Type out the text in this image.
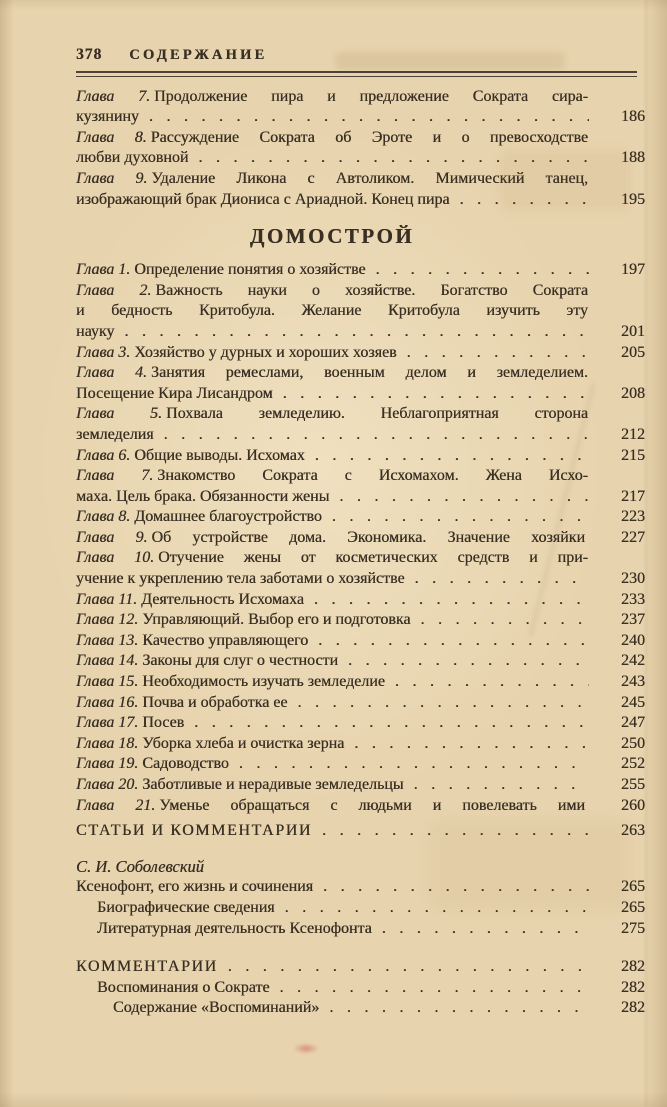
378 СОДЕРЖАНИЕ
Глава 7. Продолжение пира и предложение Сократа сира-
кузянину . . .	186
Глава 8. Рассуждение Сократа об Эроте и о превосходстве
любви духовной . . .	188
Глава 9. Удаление Ликона с Автоликом. Мимический танец,
изображающий брак Диониса с Ариадной. Конец пира . . .	195
ДОМОСТРОЙ
Глава 1. Определение понятия о хозяйстве . . .	197
Глава 2. Важность науки о хозяйстве. Богатство Сократа
и бедность Критобула. Желание Критобула изучить эту
науку . . .	201
Глава 3. Хозяйство у дурных и хороших хозяев . . .	205
Глава 4. Занятия ремеслами, военным делом и земледелием.
Посещение Кира Лисандром . . .	208
Глава 5. Похвала земледелию. Неблагоприятная сторона
земледелия . . .	212
Глава 6. Общие выводы. Исхомах . . .	215
Глава 7. Знакомство Сократа с Исхомахом. Жена Исхо-
маха. Цель брака. Обязанности жены . . .	217
Глава 8. Домашнее благоустройство . . .	223
Глава 9. Об устройстве дома. Экономика. Значение хозяйки	227
Глава 10. Отучение жены от косметических средств и при-
учение к укреплению тела заботами о хозяйстве . . .	230
Глава 11. Деятельность Исхомаха . . .	233
Глава 12. Управляющий. Выбор его и подготовка . . .	237
Глава 13. Качество управляющего . . .	240
Глава 14. Законы для слуг о честности . . .	242
Глава 15. Необходимость изучать земледелие . . .	243
Глава 16. Почва и обработка ее . . .	245
Глава 17. Посев . . .	247
Глава 18. Уборка хлеба и очистка зерна . . .	250
Глава 19. Садоводство . . .	252
Глава 20. Заботливые и нерадивые земледельцы . . .	255
Глава 21. Уменье обращаться с людьми и повелевать ими	260
СТАТЬИ И КОММЕНТАРИИ . . .	263
С. И. Соболевский
Ксенофонт, его жизнь и сочинения . . .	265
Биографические сведения . . .	265
Литературная деятельность Ксенофонта . . .	275
КОММЕНТАРИИ . . .	282
Воспоминания о Сократе . . .	282
Содержание «Воспоминаний» . . .	282
